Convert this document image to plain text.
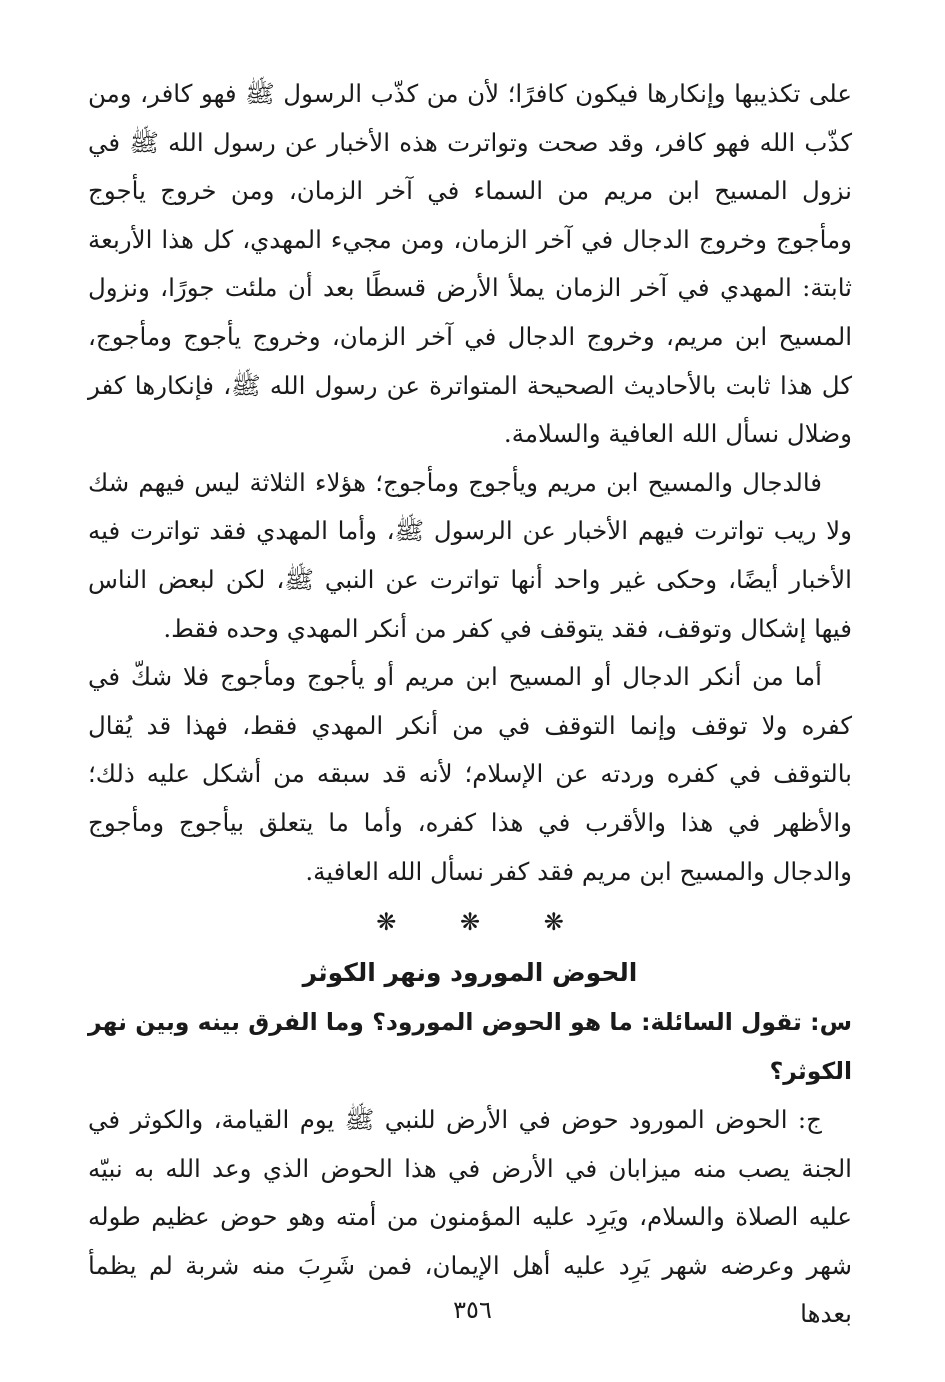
على تكذيبها وإنكارها فيكون كافرًا؛ لأن من كذّب الرسول ﷺ فهو كافر، ومن كذّب الله فهو كافر، وقد صحت وتواترت هذه الأخبار عن رسول الله ﷺ في نزول المسيح ابن مريم من السماء في آخر الزمان، ومن خروج يأجوج ومأجوج وخروج الدجال في آخر الزمان، ومن مجيء المهدي، كل هذا الأربعة ثابتة: المهدي في آخر الزمان يملأ الأرض قسطًا بعد أن ملئت جورًا، ونزول المسيح ابن مريم، وخروج الدجال في آخر الزمان، وخروج يأجوج ومأجوج، كل هذا ثابت بالأحاديث الصحيحة المتواترة عن رسول الله ﷺ، فإنكارها كفر وضلال نسأل الله العافية والسلامة.

فالدجال والمسيح ابن مريم ويأجوج ومأجوج؛ هؤلاء الثلاثة ليس فيهم شك ولا ريب تواترت فيهم الأخبار عن الرسول ﷺ، وأما المهدي فقد تواترت فيه الأخبار أيضًا، وحكى غير واحد أنها تواترت عن النبي ﷺ، لكن لبعض الناس فيها إشكال وتوقف، فقد يتوقف في كفر من أنكر المهدي وحده فقط.

أما من أنكر الدجال أو المسيح ابن مريم أو يأجوج ومأجوج فلا شكّ في كفره ولا توقف وإنما التوقف في من أنكر المهدي فقط، فهذا قد يُقال بالتوقف في كفره وردته عن الإسلام؛ لأنه قد سبقه من أشكل عليه ذلك؛ والأظهر في هذا والأقرب في هذا كفره، وأما ما يتعلق بيأجوج ومأجوج والدجال والمسيح ابن مريم فقد كفر نسأل الله العافية.

❋ ❋ ❋
الحوض المورود ونهر الكوثر

س: تقول السائلة: ما هو الحوض المورود؟ وما الفرق بينه وبين نهر الكوثر؟

ج: الحوض المورود حوض في الأرض للنبي ﷺ يوم القيامة، والكوثر في الجنة يصب منه ميزابان في الأرض في هذا الحوض الذي وعد الله به نبيّه عليه الصلاة والسلام، ويَرِد عليه المؤمنون من أمته وهو حوض عظيم طوله شهر وعرضه شهر يَرِد عليه أهل الإيمان، فمن شَرِبَ منه شربة لم يظمأ بعدها

٣٥٦
